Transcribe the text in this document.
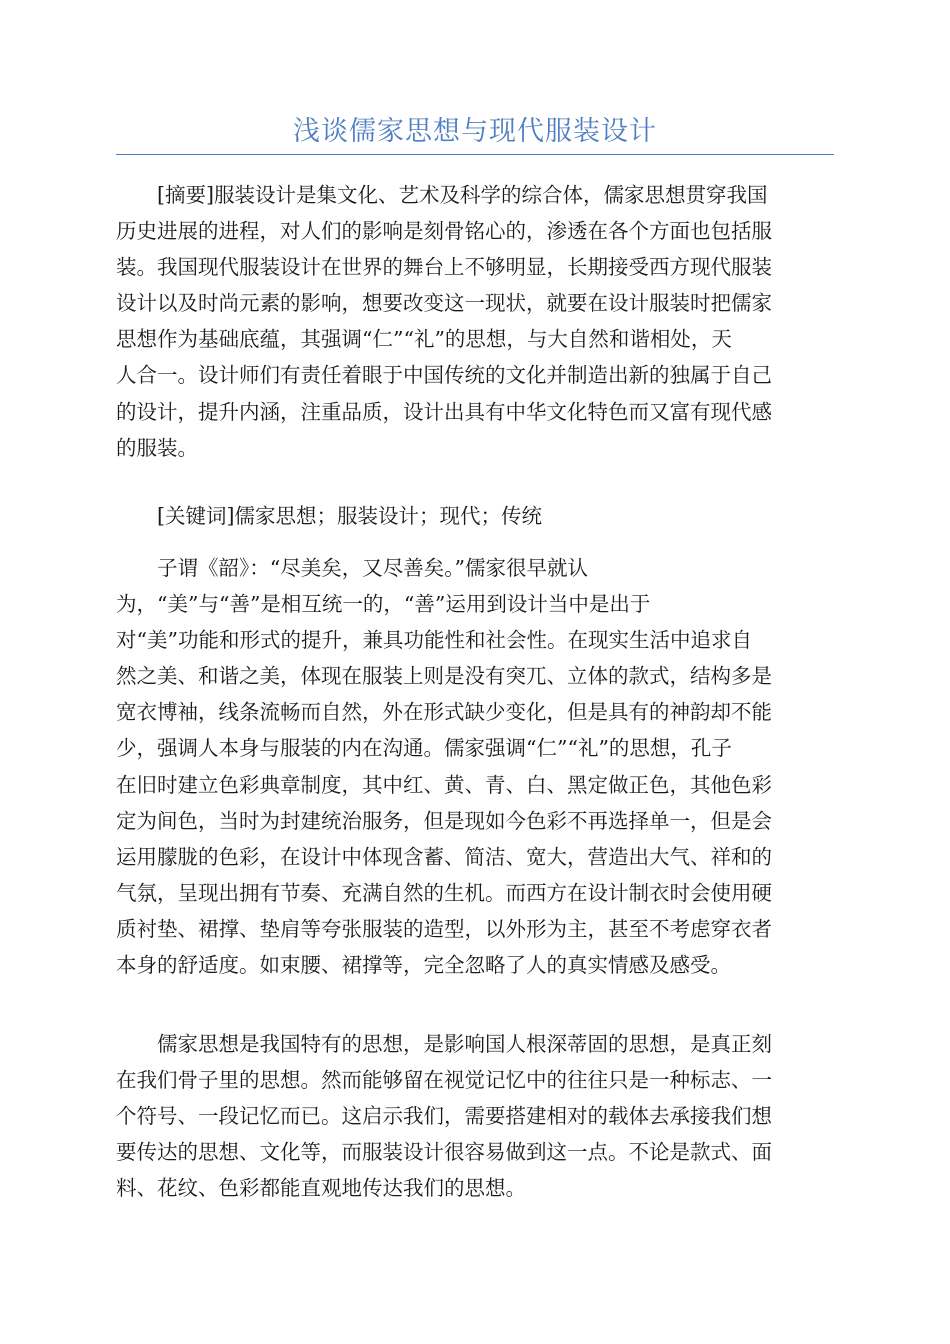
浅谈儒家思想与现代服装设计

　　[摘要]服装设计是集文化、艺术及科学的综合体，儒家思想贯穿我国
历史进展的进程，对人们的影响是刻骨铭心的，渗透在各个方面也包括服
装。我国现代服装设计在世界的舞台上不够明显，长期接受西方现代服装
设计以及时尚元素的影响，想要改变这一现状，就要在设计服装时把儒家
思想作为基础底蕴，其强调“仁”“礼”的思想，与大自然和谐相处，天
人合一。设计师们有责任着眼于中国传统的文化并制造出新的独属于自己
的设计，提升内涵，注重品质，设计出具有中华文化特色而又富有现代感
的服装。

　　[关键词]儒家思想；服装设计；现代；传统

　　子谓《韶》：“尽美矣，又尽善矣。”儒家很早就认
为，“美”与“善”是相互统一的，“善”运用到设计当中是出于
对“美”功能和形式的提升，兼具功能性和社会性。在现实生活中追求自
然之美、和谐之美，体现在服装上则是没有突兀、立体的款式，结构多是
宽衣博袖，线条流畅而自然，外在形式缺少变化，但是具有的神韵却不能
少，强调人本身与服装的内在沟通。儒家强调“仁”“礼”的思想，孔子
在旧时建立色彩典章制度，其中红、黄、青、白、黑定做正色，其他色彩
定为间色，当时为封建统治服务，但是现如今色彩不再选择单一，但是会
运用朦胧的色彩，在设计中体现含蓄、简洁、宽大，营造出大气、祥和的
气氛，呈现出拥有节奏、充满自然的生机。而西方在设计制衣时会使用硬
质衬垫、裙撑、垫肩等夸张服装的造型，以外形为主，甚至不考虑穿衣者
本身的舒适度。如束腰、裙撑等，完全忽略了人的真实情感及感受。

　　儒家思想是我国特有的思想，是影响国人根深蒂固的思想，是真正刻
在我们骨子里的思想。然而能够留在视觉记忆中的往往只是一种标志、一
个符号、一段记忆而已。这启示我们，需要搭建相对的载体去承接我们想
要传达的思想、文化等，而服装设计很容易做到这一点。不论是款式、面
料、花纹、色彩都能直观地传达我们的思想。
